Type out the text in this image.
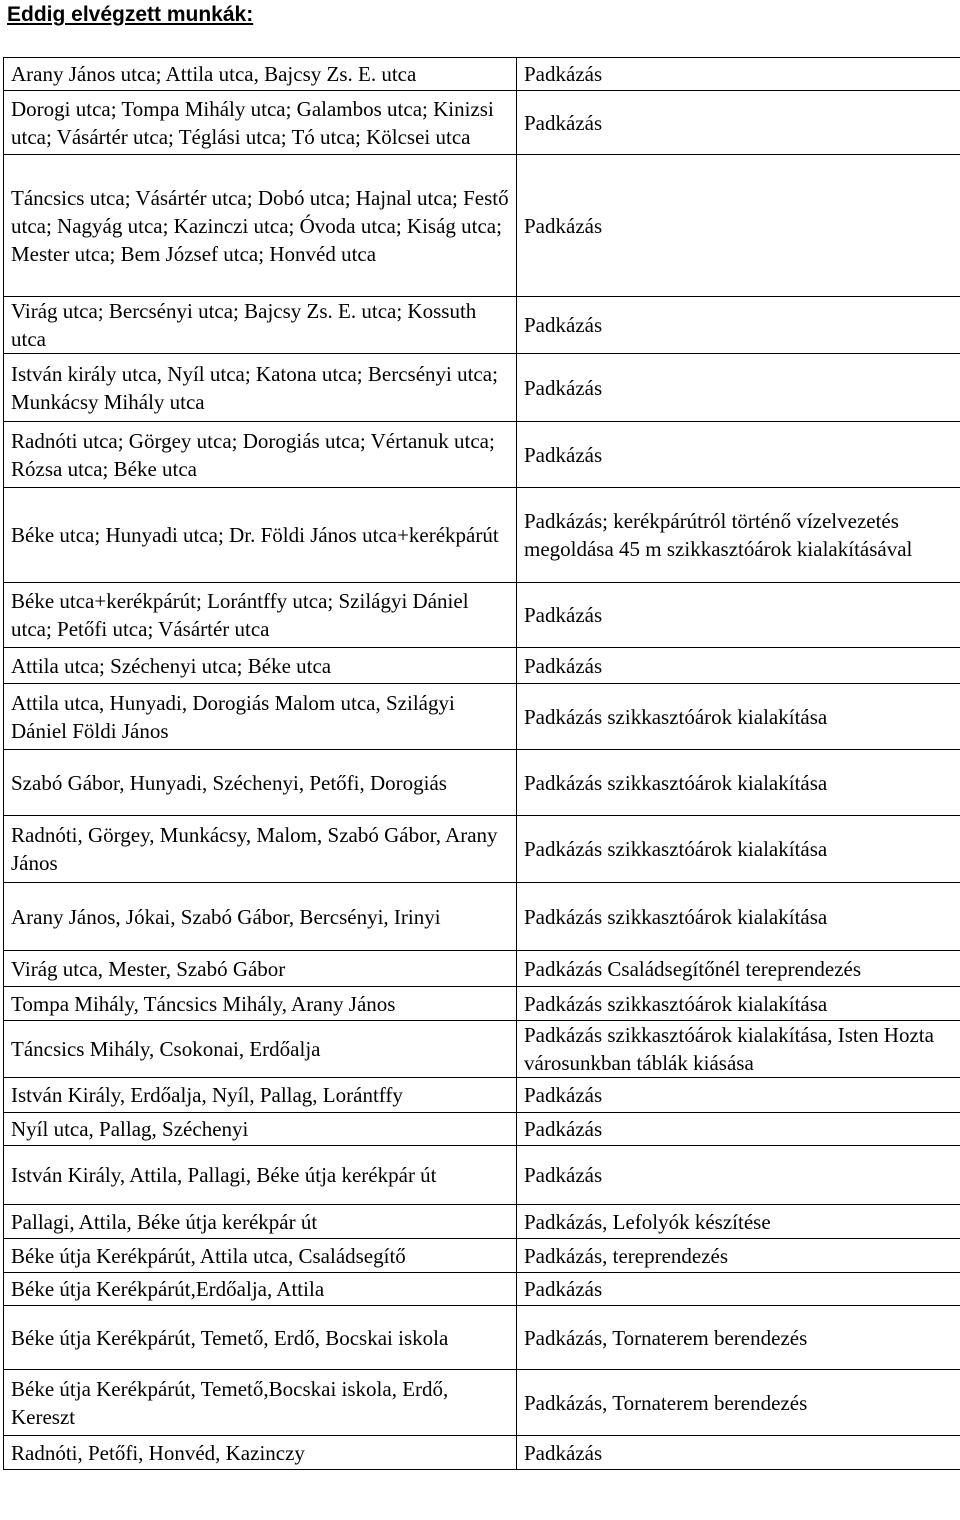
Eddig elvégzett munkák:
Arany János utca; Attila utca, Bajcsy Zs. E. utca	Padkázás
Dorogi utca; Tompa Mihály utca; Galambos utca; Kinizsi utca; Vásártér utca; Téglási utca; Tó utca; Kölcsei utca	Padkázás
Táncsics utca; Vásártér utca; Dobó utca; Hajnal utca; Festő utca; Nagyág utca; Kazinczi utca; Óvoda utca; Kiság utca; Mester utca; Bem József utca; Honvéd utca	Padkázás
Virág utca; Bercsényi utca; Bajcsy Zs. E. utca; Kossuth utca	Padkázás
István király utca, Nyíl utca; Katona utca; Bercsényi utca; Munkácsy Mihály utca	Padkázás
Radnóti utca; Görgey utca; Dorogiás utca; Vértanuk utca; Rózsa utca; Béke utca	Padkázás
Béke utca; Hunyadi utca; Dr. Földi János utca+kerékpárút	Padkázás; kerékpárútról történő vízelvezetés megoldása 45 m szikkasztóárok kialakításával
Béke utca+kerékpárút; Lorántffy utca; Szilágyi Dániel utca; Petőfi utca; Vásártér utca	Padkázás
Attila utca; Széchenyi utca; Béke utca	Padkázás
Attila utca, Hunyadi, Dorogiás Malom utca, Szilágyi Dániel Földi János	Padkázás szikkasztóárok kialakítása
Szabó Gábor, Hunyadi, Széchenyi, Petőfi, Dorogiás	Padkázás szikkasztóárok kialakítása
Radnóti, Görgey, Munkácsy, Malom, Szabó Gábor, Arany János	Padkázás szikkasztóárok kialakítása
Arany János, Jókai, Szabó Gábor, Bercsényi, Irinyi	Padkázás szikkasztóárok kialakítása
Virág utca, Mester, Szabó Gábor	Padkázás Családsegítőnél tereprendezés
Tompa Mihály, Táncsics Mihály, Arany János	Padkázás szikkasztóárok kialakítása
Táncsics Mihály, Csokonai, Erdőalja	Padkázás szikkasztóárok kialakítása, Isten Hozta városunkban táblák kiásása
István Király, Erdőalja, Nyíl, Pallag, Lorántffy	Padkázás
Nyíl utca, Pallag, Széchenyi	Padkázás
István Király, Attila, Pallagi, Béke útja kerékpár út	Padkázás
Pallagi, Attila, Béke útja kerékpár út	Padkázás, Lefolyók készítése
Béke útja Kerékpárút, Attila utca, Családsegítő	Padkázás, tereprendezés
Béke útja Kerékpárút,Erdőalja, Attila	Padkázás
Béke útja Kerékpárút, Temető, Erdő, Bocskai iskola	Padkázás, Tornaterem berendezés
Béke útja Kerékpárút, Temető,Bocskai iskola, Erdő, Kereszt	Padkázás, Tornaterem berendezés
Radnóti, Petőfi, Honvéd, Kazinczy	Padkázás
